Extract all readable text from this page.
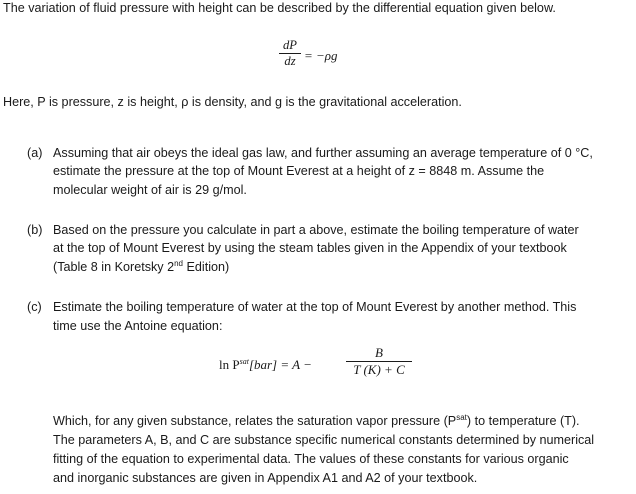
The variation of fluid pressure with height can be described by the differential equation given below.
dP
dz = −ρg
Here, P is pressure, z is height, ρ is density, and g is the gravitational acceleration.
(a) Assuming that air obeys the ideal gas law, and further assuming an average temperature of 0 °C,
estimate the pressure at the top of Mount Everest at a height of z = 8848 m. Assume the
molecular weight of air is 29 g/mol.
(b) Based on the pressure you calculate in part a above, estimate the boiling temperature of water
at the top of Mount Everest by using the steam tables given in the Appendix of your textbook
(Table 8 in Koretsky 2nd Edition)
(c) Estimate the boiling temperature of water at the top of Mount Everest by another method. This
time use the Antoine equation:
$\ln P^{sat}[bar] = A$ −
B
T (K) + C
Which, for any given substance, relates the saturation vapor pressure $(P^{sat})$ to temperature (T).
The parameters A, B, and C are substance specific numerical constants determined by numerical
fitting of the equation to experimental data. The values of these constants for various organic
and inorganic substances are given in Appendix A1 and A2 of your textbook.
